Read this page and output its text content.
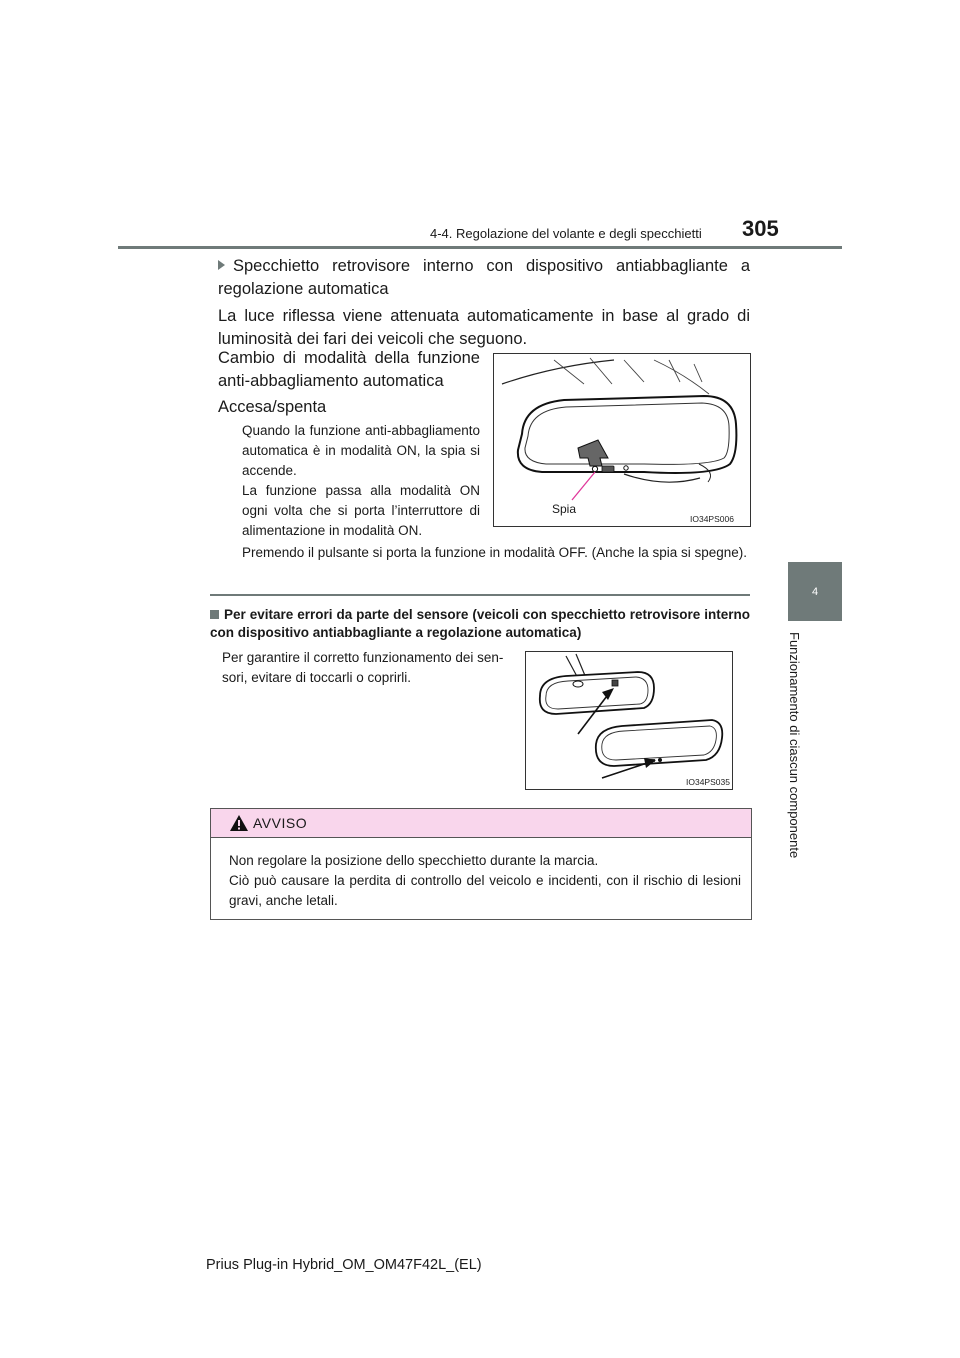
4-4. Regolazione del volante e degli specchietti 305
4
Funzionamento di ciascun componente
Specchietto retrovisore interno con dispositivo antiabbagliante a regolazione automatica
La luce riflessa viene attenuata automaticamente in base al grado di luminosità dei fari dei veicoli che seguono.
Cambio di modalità della funzione anti-abbagliamento automatica
Accesa/spenta
Quando la funzione anti-abbagliamento automatica è in modalità ON, la spia si accende.
La funzione passa alla modalità ON ogni volta che si porta l’interruttore di alimentazione in modalità ON.
Premendo il pulsante si porta la funzione in modalità OFF. (Anche la spia si spegne).
Spia
IO34PS006
Per evitare errori da parte del sensore (veicoli con specchietto retrovisore interno con dispositivo antiabbagliante a regolazione automatica)
Per garantire il corretto funzionamento dei sensori, evitare di toccarli o coprirli.
IO34PS035
AVVISO
Non regolare la posizione dello specchietto durante la marcia.
Ciò può causare la perdita di controllo del veicolo e incidenti, con il rischio di lesioni gravi, anche letali.
Prius Plug-in Hybrid_OM_OM47F42L_(EL)
